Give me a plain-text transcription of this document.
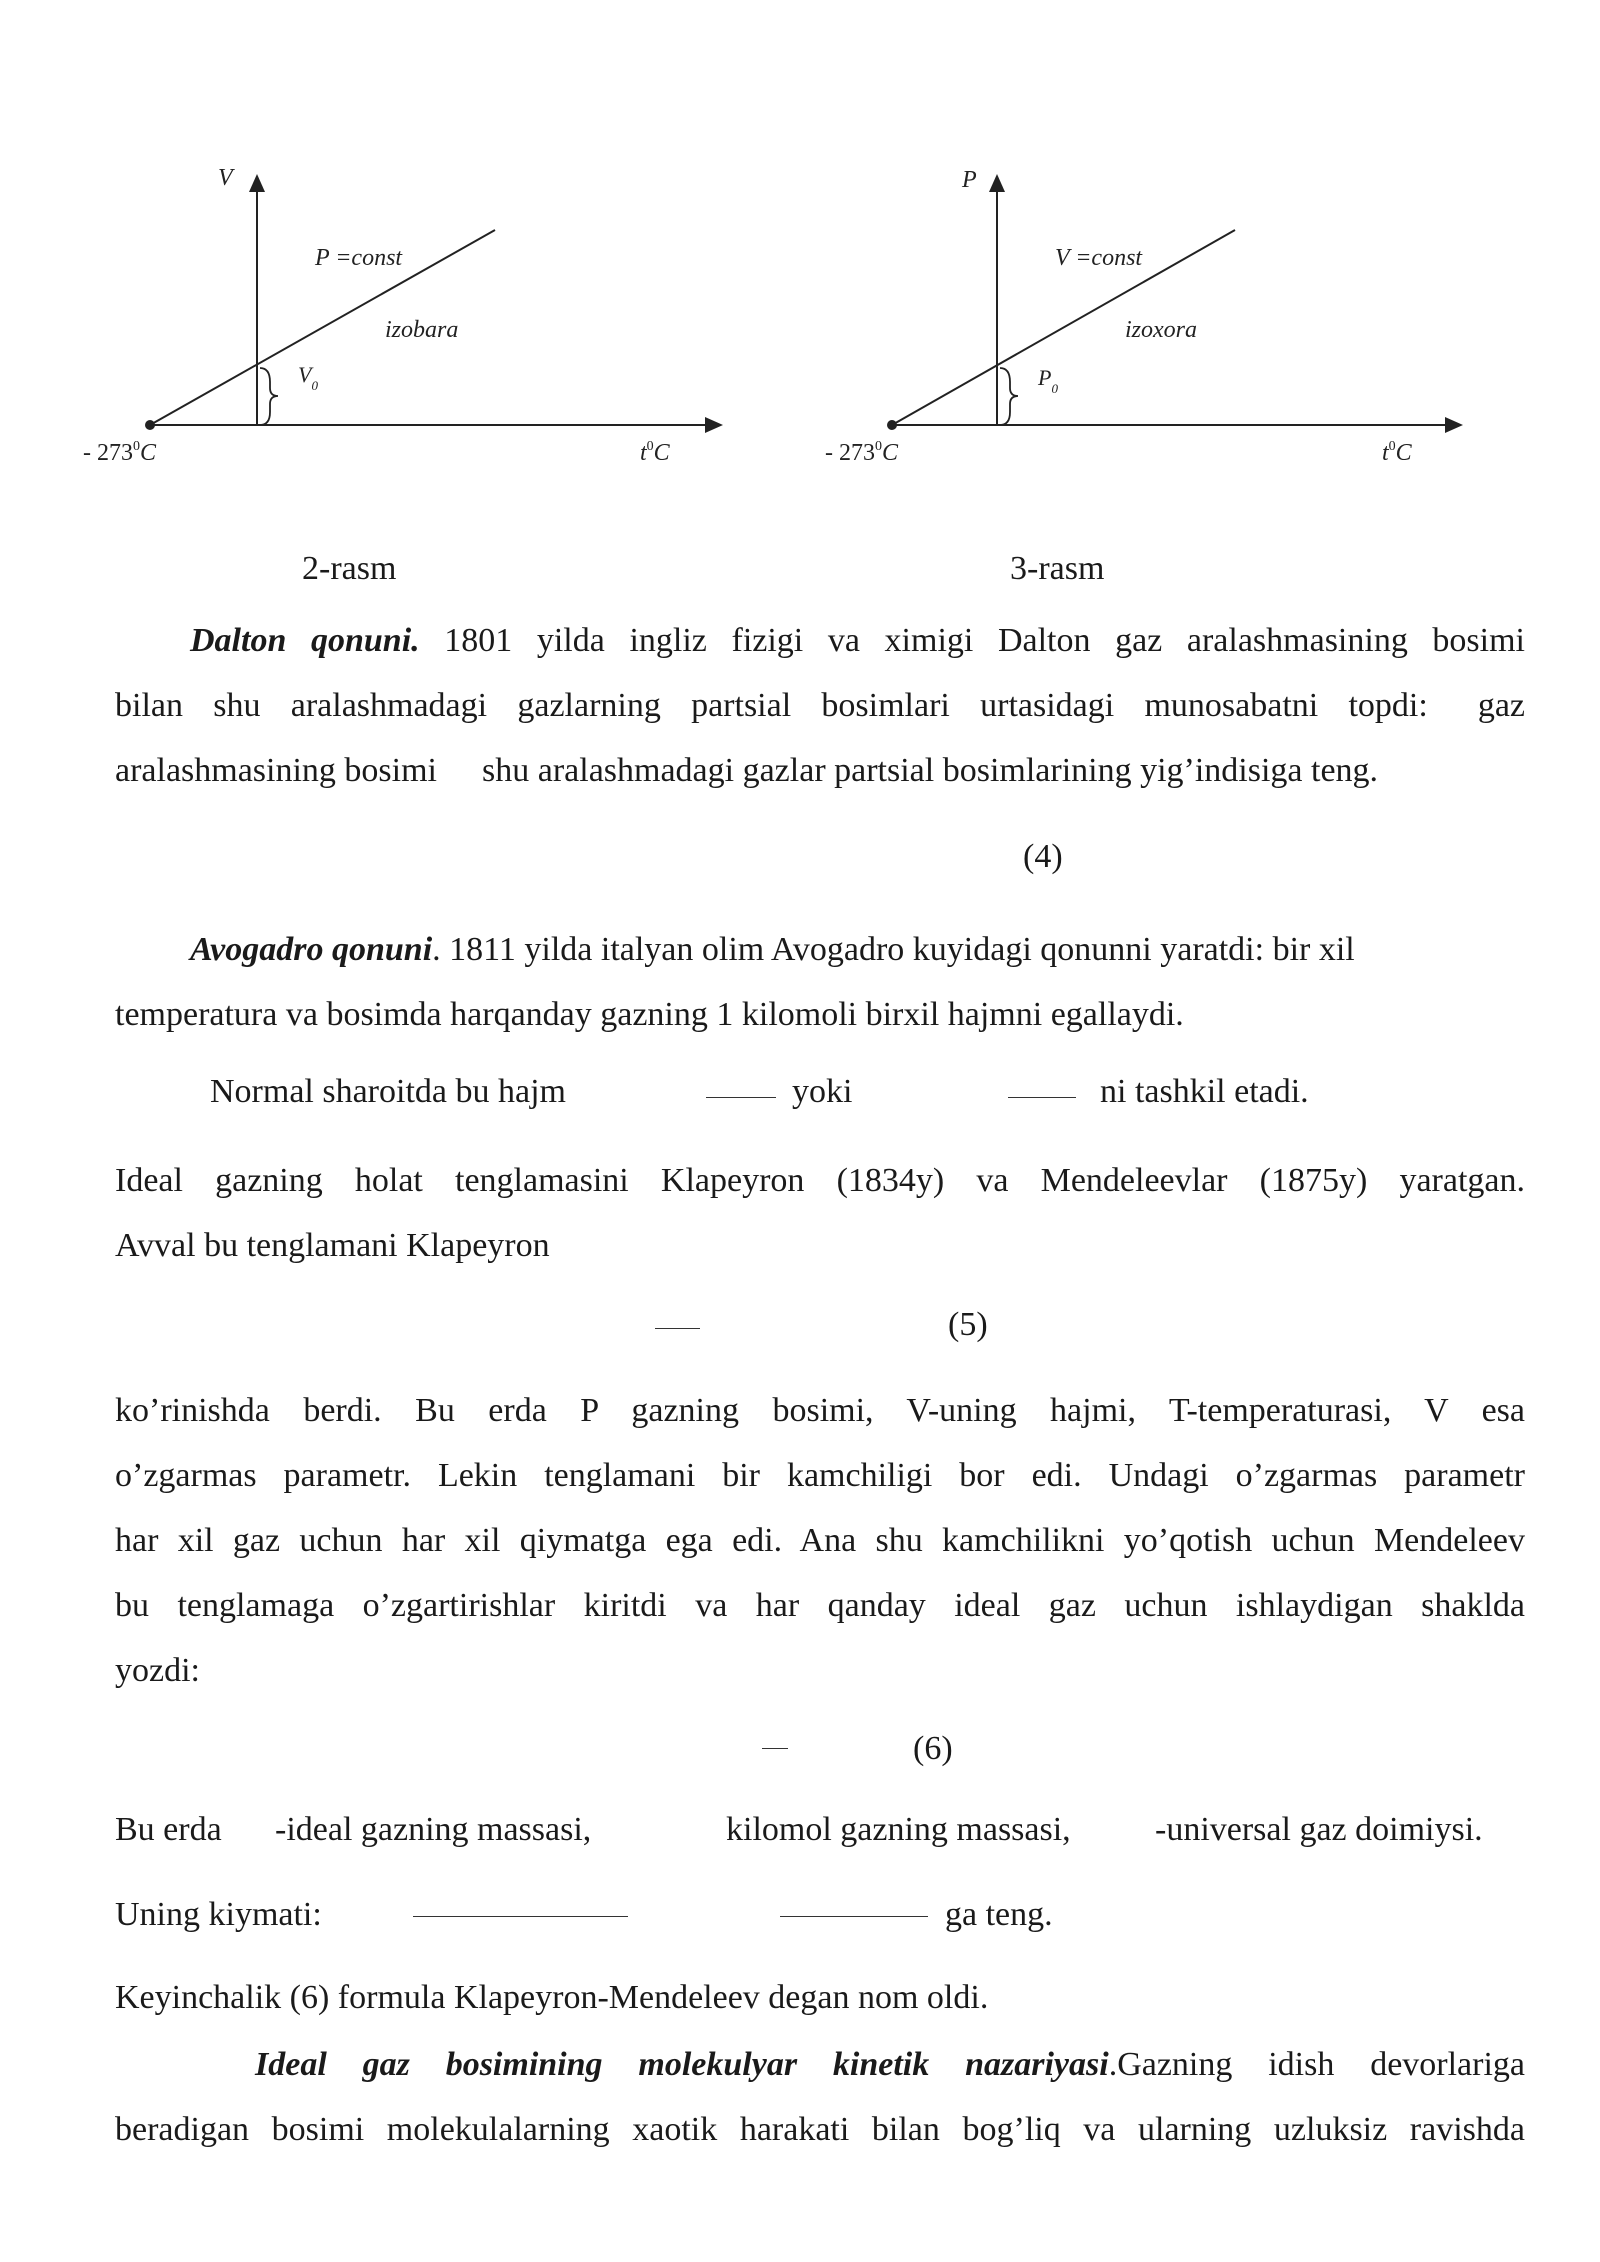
V
P =const
izobara
$V_0$
- $273^0C$	$t^0C$
2-rasm
P
V =const
izoxora
$P_0$
- $273^0C$	$t^0C$
3-rasm
Dalton qonuni. 1801 yilda ingliz fizigi va ximigi Dalton gaz aralashmasining bosimi
bilan shu aralashmadagi gazlarning partsial bosimlari urtasidagi munosabatni topdi: gaz
aralashmasining bosimi shu aralashmadagi gazlar partsial bosimlarining yig’indisiga teng.
(4)
Avogadro qonuni. 1811 yilda italyan olim Avogadro kuyidagi qonunni yaratdi: bir xil
temperatura va bosimda harqanday gazning 1 kilomoli birxil hajmni egallaydi.
Normal sharoitda bu hajm	yoki	ni tashkil etadi.
Ideal gazning holat tenglamasini Klapeyron (1834y) va Mendeleevlar (1875y) yaratgan.
Avval bu tenglamani Klapeyron
(5)
ko’rinishda berdi. Bu erda P gazning bosimi, V-uning hajmi, T-temperaturasi, V esa
o’zgarmas parametr. Lekin tenglamani bir kamchiligi bor edi. Undagi o’zgarmas parametr
har xil gaz uchun har xil qiymatga ega edi. Ana shu kamchilikni yo’qotish uchun Mendeleev
bu tenglamaga o’zgartirishlar kiritdi va har qanday ideal gaz uchun ishlaydigan shaklda
yozdi:
(6)
Bu erda -ideal gazning massasi,	kilomol gazning massasi, -universal gaz doimiysi.
Uning kiymati:	ga teng.
Keyinchalik (6) formula Klapeyron-Mendeleev degan nom oldi.
Ideal gaz bosimining molekulyar kinetik nazariyasi.Gazning idish devorlariga
beradigan bosimi molekulalarning xaotik harakati bilan bog’liq va ularning uzluksiz ravishda
